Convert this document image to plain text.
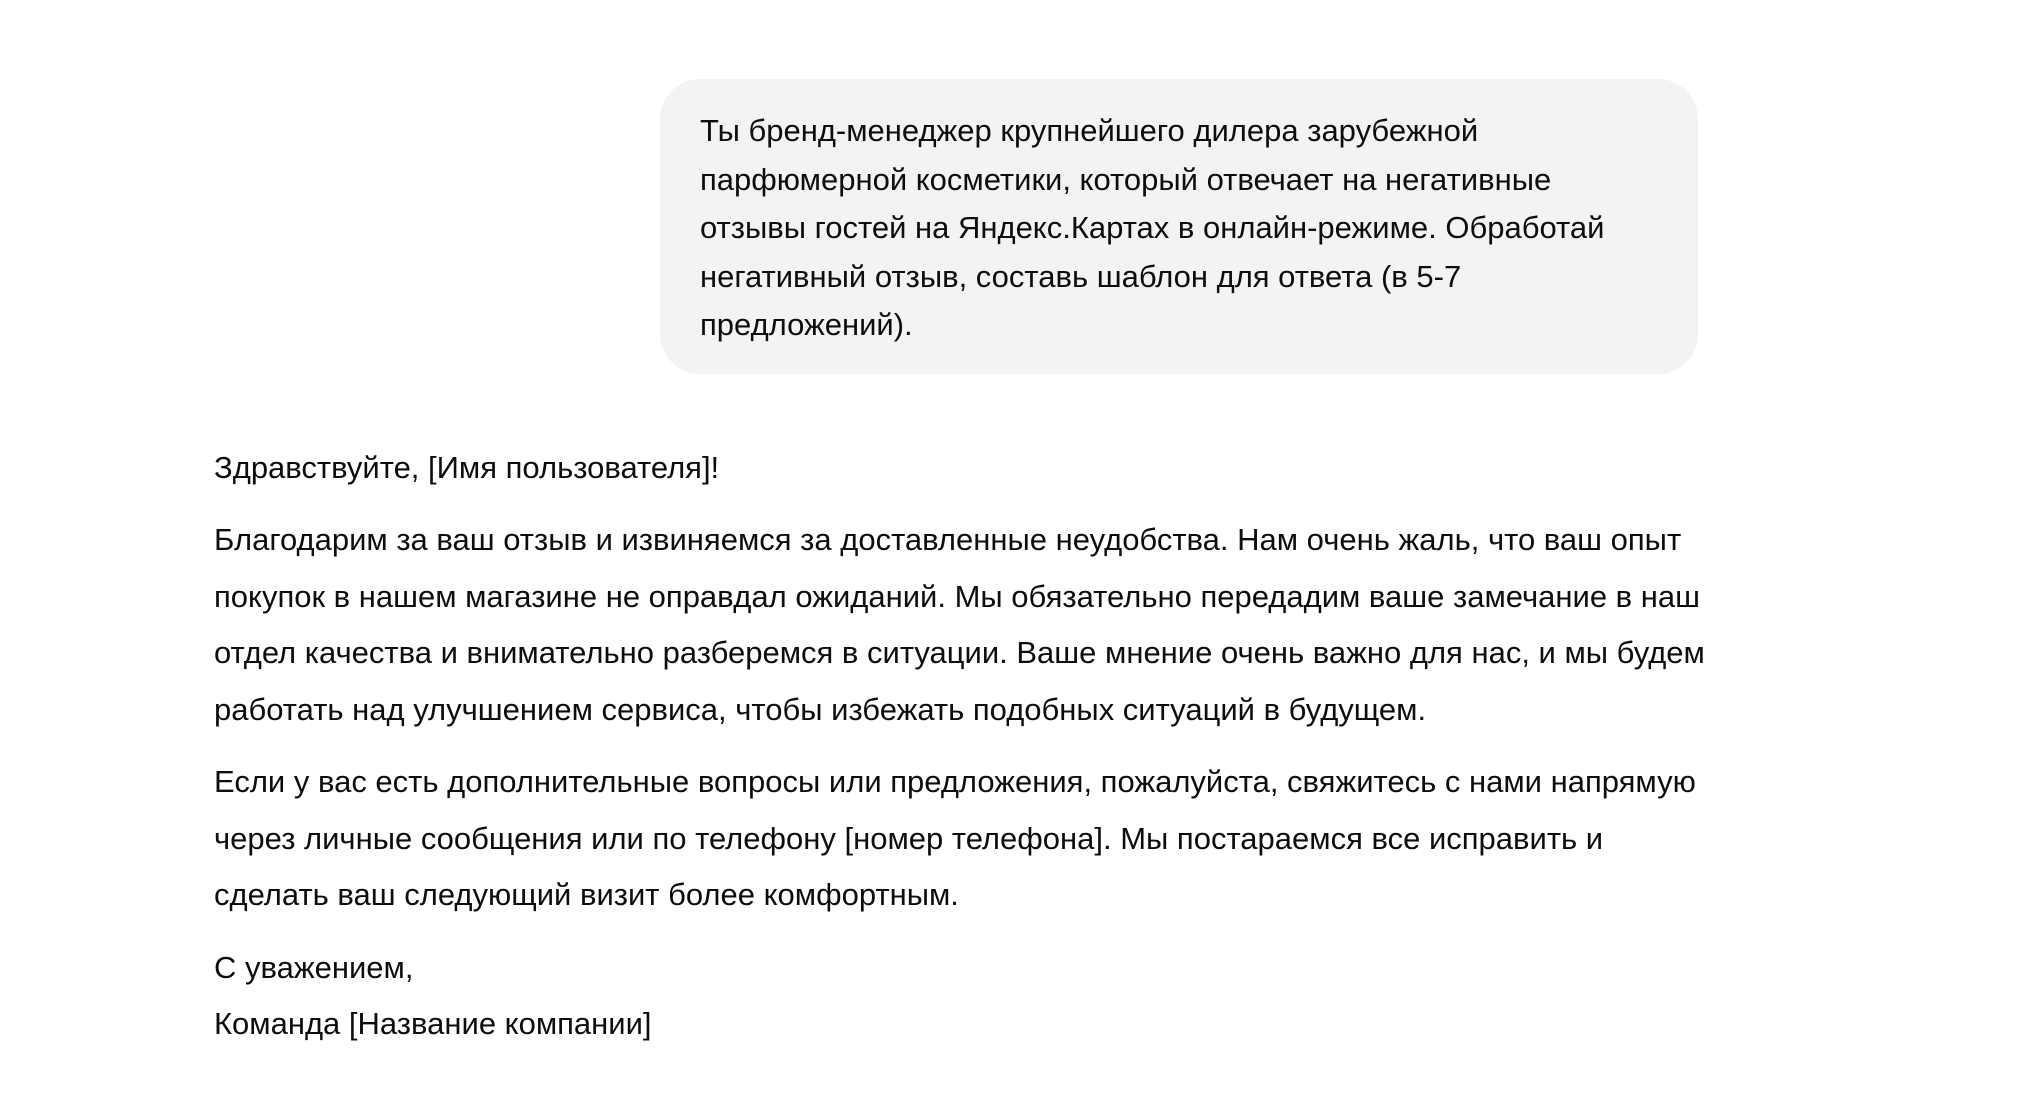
Ты бренд-менеджер крупнейшего дилера зарубежной парфюмерной косметики, который отвечает на негативные отзывы гостей на Яндекс.Картах в онлайн-режиме. Обработай негативный отзыв, составь шаблон для ответа (в 5-7 предложений).

Здравствуйте, [Имя пользователя]!

Благодарим за ваш отзыв и извиняемся за доставленные неудобства. Нам очень жаль, что ваш опыт покупок в нашем магазине не оправдал ожиданий. Мы обязательно передадим ваше замечание в наш отдел качества и внимательно разберемся в ситуации. Ваше мнение очень важно для нас, и мы будем работать над улучшением сервиса, чтобы избежать подобных ситуаций в будущем.

Если у вас есть дополнительные вопросы или предложения, пожалуйста, свяжитесь с нами напрямую через личные сообщения или по телефону [номер телефона]. Мы постараемся все исправить и сделать ваш следующий визит более комфортным.

С уважением,
Команда [Название компании]
